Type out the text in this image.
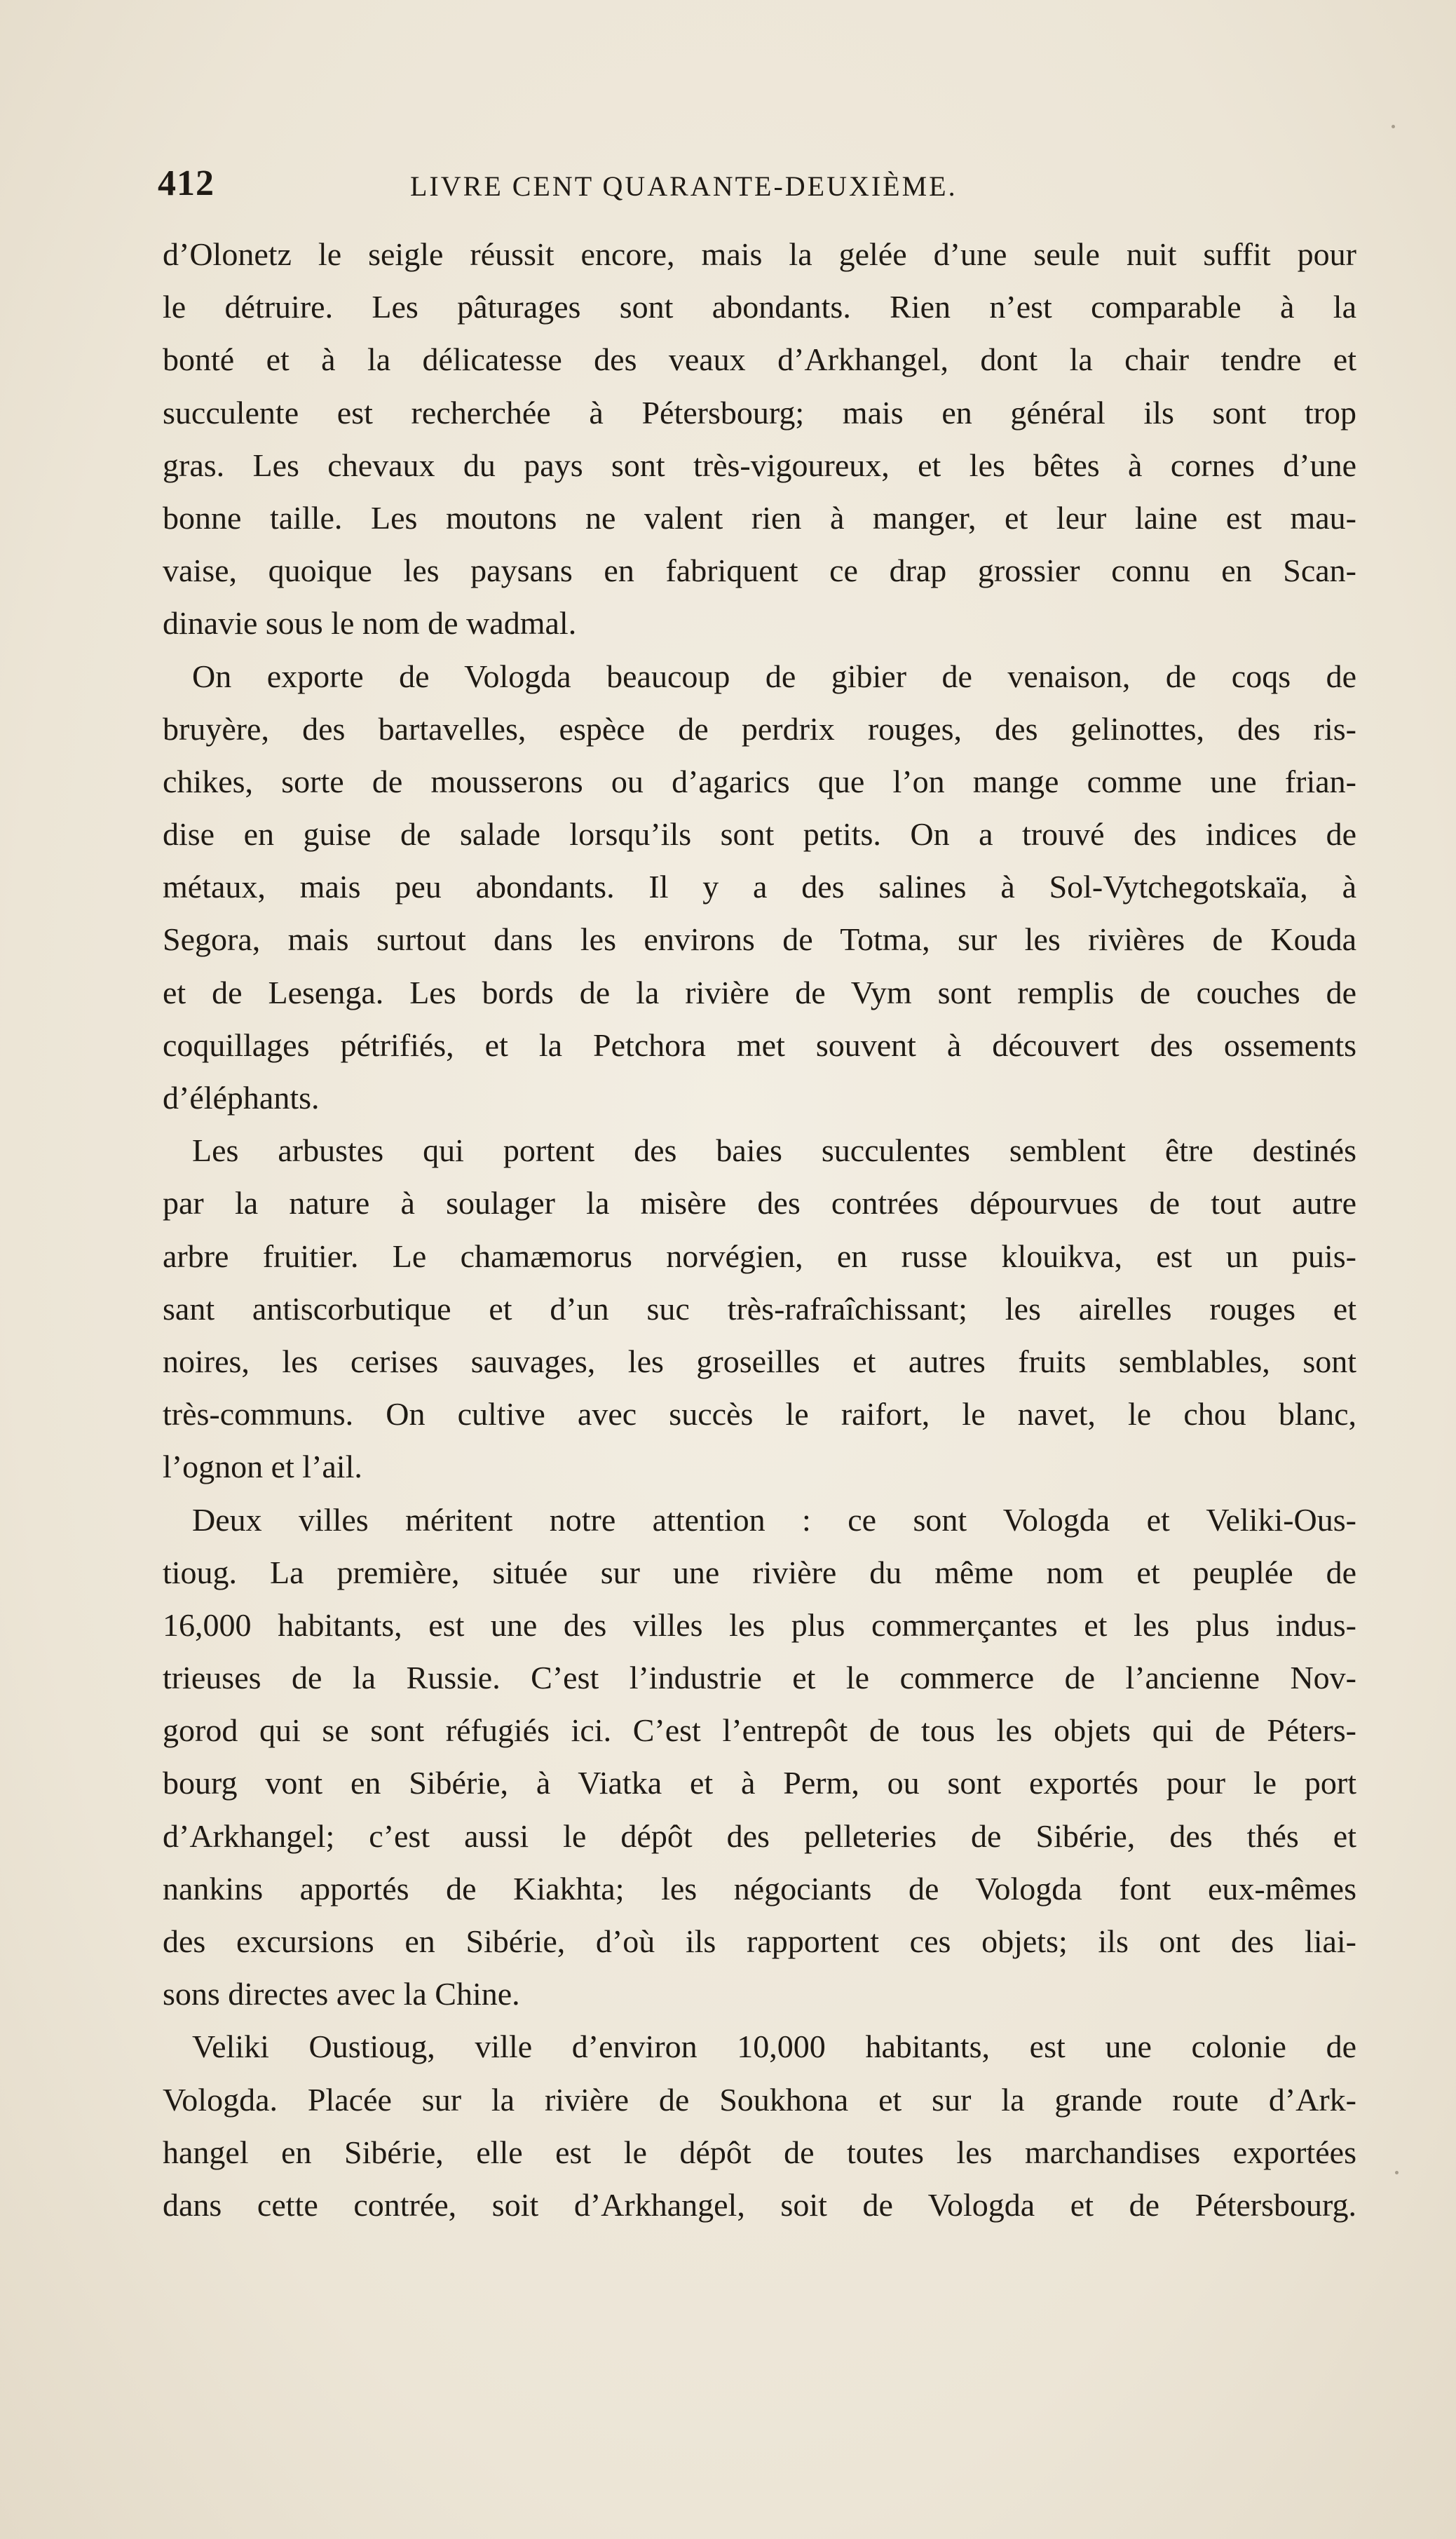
412	LIVRE CENT QUARANTE-DEUXIÈME.
d’Olonetz le seigle réussit encore, mais la gelée d’une seule nuit suffit pour
le détruire. Les pâturages sont abondants. Rien n’est comparable à la
bonté et à la délicatesse des veaux d’Arkhangel, dont la chair tendre et
succulente est recherchée à Pétersbourg; mais en général ils sont trop
gras. Les chevaux du pays sont très-vigoureux, et les bêtes à cornes d’une
bonne taille. Les moutons ne valent rien à manger, et leur laine est mau-
vaise, quoique les paysans en fabriquent ce drap grossier connu en Scan-
dinavie sous le nom de wadmal.
On exporte de Vologda beaucoup de gibier de venaison, de coqs de
bruyère, des bartavelles, espèce de perdrix rouges, des gelinottes, des ris-
chikes, sorte de mousserons ou d’agarics que l’on mange comme une frian-
dise en guise de salade lorsqu’ils sont petits. On a trouvé des indices de
métaux, mais peu abondants. Il y a des salines à Sol-Vytchegotskaïa, à
Segora, mais surtout dans les environs de Totma, sur les rivières de Kouda
et de Lesenga. Les bords de la rivière de Vym sont remplis de couches de
coquillages pétrifiés, et la Petchora met souvent à découvert des ossements
d’éléphants.
Les arbustes qui portent des baies succulentes semblent être destinés
par la nature à soulager la misère des contrées dépourvues de tout autre
arbre fruitier. Le chamæmorus norvégien, en russe klouikva, est un puis-
sant antiscorbutique et d’un suc très-rafraîchissant; les airelles rouges et
noires, les cerises sauvages, les groseilles et autres fruits semblables, sont
très-communs. On cultive avec succès le raifort, le navet, le chou blanc,
l’ognon et l’ail.
Deux villes méritent notre attention : ce sont Vologda et Veliki-Ous-
tioug. La première, située sur une rivière du même nom et peuplée de
16,000 habitants, est une des villes les plus commerçantes et les plus indus-
trieuses de la Russie. C’est l’industrie et le commerce de l’ancienne Nov-
gorod qui se sont réfugiés ici. C’est l’entrepôt de tous les objets qui de Péters-
bourg vont en Sibérie, à Viatka et à Perm, ou sont exportés pour le port
d’Arkhangel; c’est aussi le dépôt des pelleteries de Sibérie, des thés et
nankins apportés de Kiakhta; les négociants de Vologda font eux-mêmes
des excursions en Sibérie, d’où ils rapportent ces objets; ils ont des liai-
sons directes avec la Chine.
Veliki Oustioug, ville d’environ 10,000 habitants, est une colonie de
Vologda. Placée sur la rivière de Soukhona et sur la grande route d’Ark-
hangel en Sibérie, elle est le dépôt de toutes les marchandises exportées
dans cette contrée, soit d’Arkhangel, soit de Vologda et de Pétersbourg.
